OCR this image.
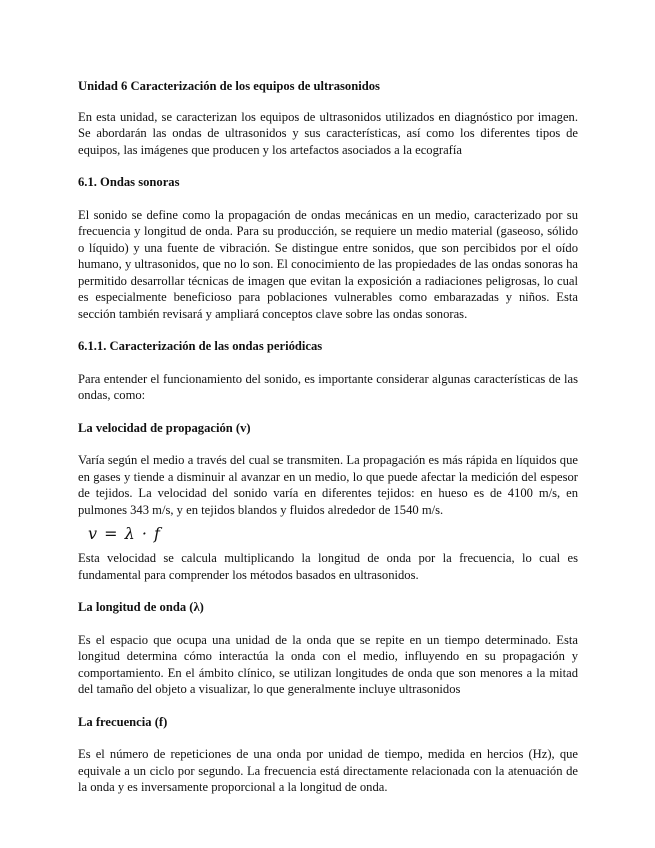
Unidad 6 Caracterización de los equipos de ultrasonidos

En esta unidad, se caracterizan los equipos de ultrasonidos utilizados en diagnóstico por imagen. Se abordarán las ondas de ultrasonidos y sus características, así como los diferentes tipos de equipos, las imágenes que producen y los artefactos asociados a la ecografía

6.1. Ondas sonoras

El sonido se define como la propagación de ondas mecánicas en un medio, caracterizado por su frecuencia y longitud de onda. Para su producción, se requiere un medio material (gaseoso, sólido o líquido) y una fuente de vibración. Se distingue entre sonidos, que son percibidos por el oído humano, y ultrasonidos, que no lo son. El conocimiento de las propiedades de las ondas sonoras ha permitido desarrollar técnicas de imagen que evitan la exposición a radiaciones peligrosas, lo cual es especialmente beneficioso para poblaciones vulnerables como embarazadas y niños. Esta sección también revisará y ampliará conceptos clave sobre las ondas sonoras.

6.1.1. Caracterización de las ondas periódicas

Para entender el funcionamiento del sonido, es importante considerar algunas características de las ondas, como:

La velocidad de propagación (v)

Varía según el medio a través del cual se transmiten. La propagación es más rápida en líquidos que en gases y tiende a disminuir al avanzar en un medio, lo que puede afectar la medición del espesor de tejidos. La velocidad del sonido varía en diferentes tejidos: en hueso es de 4100 m/s, en pulmones 343 m/s, y en tejidos blandos y fluidos alrededor de 1540 m/s.

v = λ · f

Esta velocidad se calcula multiplicando la longitud de onda por la frecuencia, lo cual es fundamental para comprender los métodos basados en ultrasonidos.

La longitud de onda (λ)

Es el espacio que ocupa una unidad de la onda que se repite en un tiempo determinado. Esta longitud determina cómo interactúa la onda con el medio, influyendo en su propagación y comportamiento. En el ámbito clínico, se utilizan longitudes de onda que son menores a la mitad del tamaño del objeto a visualizar, lo que generalmente incluye ultrasonidos

La frecuencia (f)

Es el número de repeticiones de una onda por unidad de tiempo, medida en hercios (Hz), que equivale a un ciclo por segundo. La frecuencia está directamente relacionada con la atenuación de la onda y es inversamente proporcional a la longitud de onda.
